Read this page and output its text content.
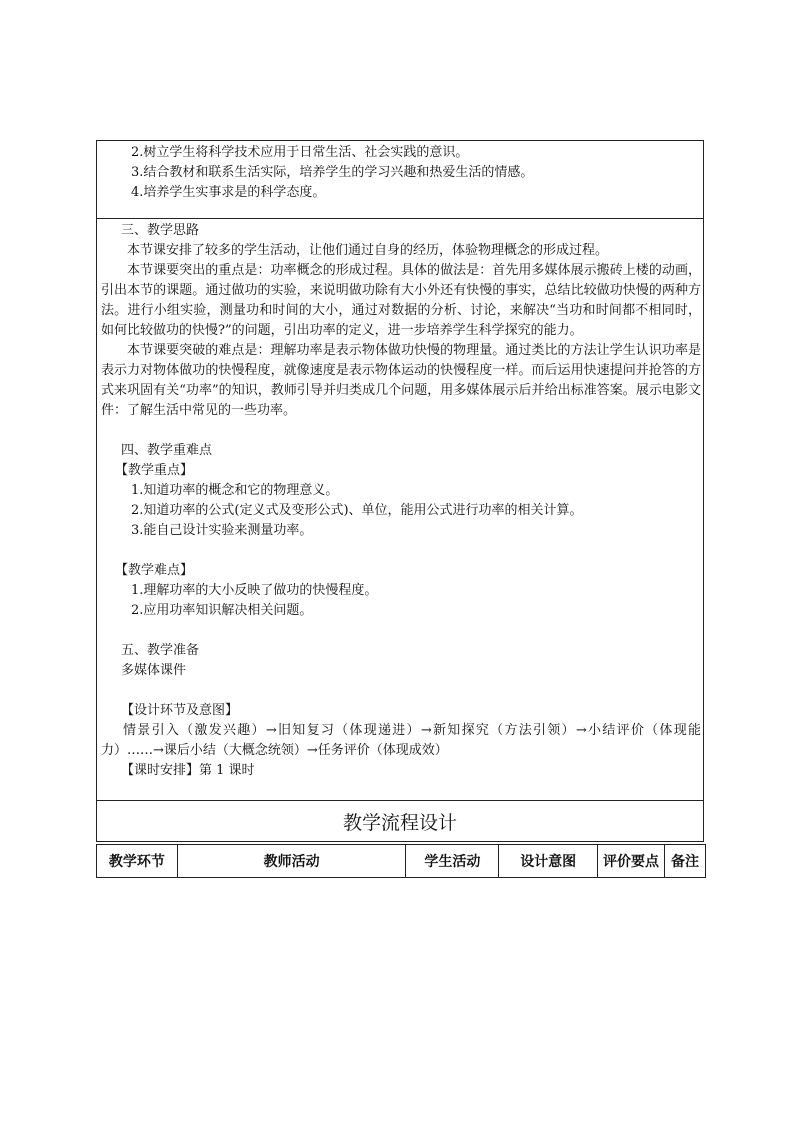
2.树立学生将科学技术应用于日常生活、社会实践的意识。

3.结合教材和联系生活实际，培养学生的学习兴趣和热爱生活的情感。

4.培养学生实事求是的科学态度。

三、教学思路

本节课安排了较多的学生活动，让他们通过自身的经历，体验物理概念的形成过程。

本节课要突出的重点是：功率概念的形成过程。具体的做法是：首先用多媒体展示搬砖上楼的动画，引出本节的课题。通过做功的实验，来说明做功除有大小外还有快慢的事实，总结比较做功快慢的两种方法。进行小组实验，测量功和时间的大小，通过对数据的分析、讨论，来解决“当功和时间都不相同时，如何比较做功的快慢?”的问题，引出功率的定义，进一步培养学生科学探究的能力。

本节课要突破的难点是：理解功率是表示物体做功快慢的物理量。通过类比的方法让学生认识功率是表示力对物体做功的快慢程度，就像速度是表示物体运动的快慢程度一样。而后运用快速提问并抢答的方式来巩固有关“功率”的知识，教师引导并归类成几个问题，用多媒体展示后并给出标准答案。展示电影文件：了解生活中常见的一些功率。

四、教学重难点

【教学重点】

1.知道功率的概念和它的物理意义。

2.知道功率的公式(定义式及变形公式)、单位，能用公式进行功率的相关计算。

3.能自己设计实验来测量功率。

【教学难点】

1.理解功率的大小反映了做功的快慢程度。

2.应用功率知识解决相关问题。

五、教学准备

多媒体课件

【设计环节及意图】

情景引入（激发兴趣）→旧知复习（体现递进）→新知探究（方法引领）→小结评价（体现能力）……→课后小结（大概念统领）→任务评价（体现成效）

【课时安排】第 1 课时

教学流程设计
教学环节	教师活动	学生活动	设计意图	评价要点	备注
